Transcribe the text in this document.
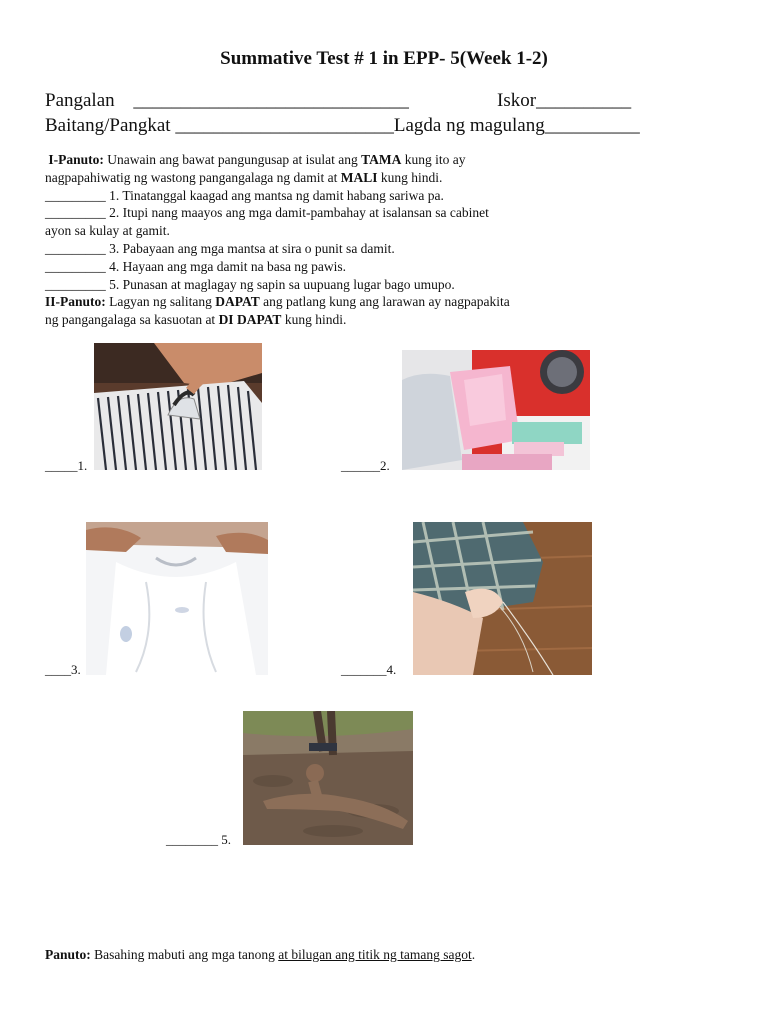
Summative Test # 1 in EPP- 5(Week 1-2)
Pangalan _____________________________	Iskor__________
Baitang/Pangkat _______________________Lagda ng magulang__________
I-Panuto: Unawain ang bawat pangungusap at isulat ang TAMA kung ito ay
nagpapahiwatig ng wastong pangangalaga ng damit at MALI kung hindi.
_________ 1. Tinatanggal kaagad ang mantsa ng damit habang sariwa pa.
_________ 2. Itupi nang maayos ang mga damit-pambahay at isalansan sa cabinet
ayon sa kulay at gamit.
_________ 3. Pabayaan ang mga mantsa at sira o punit sa damit.
_________ 4. Hayaan ang mga damit na basa ng pawis.
_________ 5. Punasan at maglagay ng sapin sa uupuang lugar bago umupo.
II-Panuto: Lagyan ng salitang DAPAT ang patlang kung ang larawan ay nagpapakita
ng pangangalaga sa kasuotan at DI DAPAT kung hindi.
_____1.	______2.
____3.	_______4.
________ 5.
Panuto: Basahing mabuti ang mga tanong at bilugan ang titik ng tamang sagot.
